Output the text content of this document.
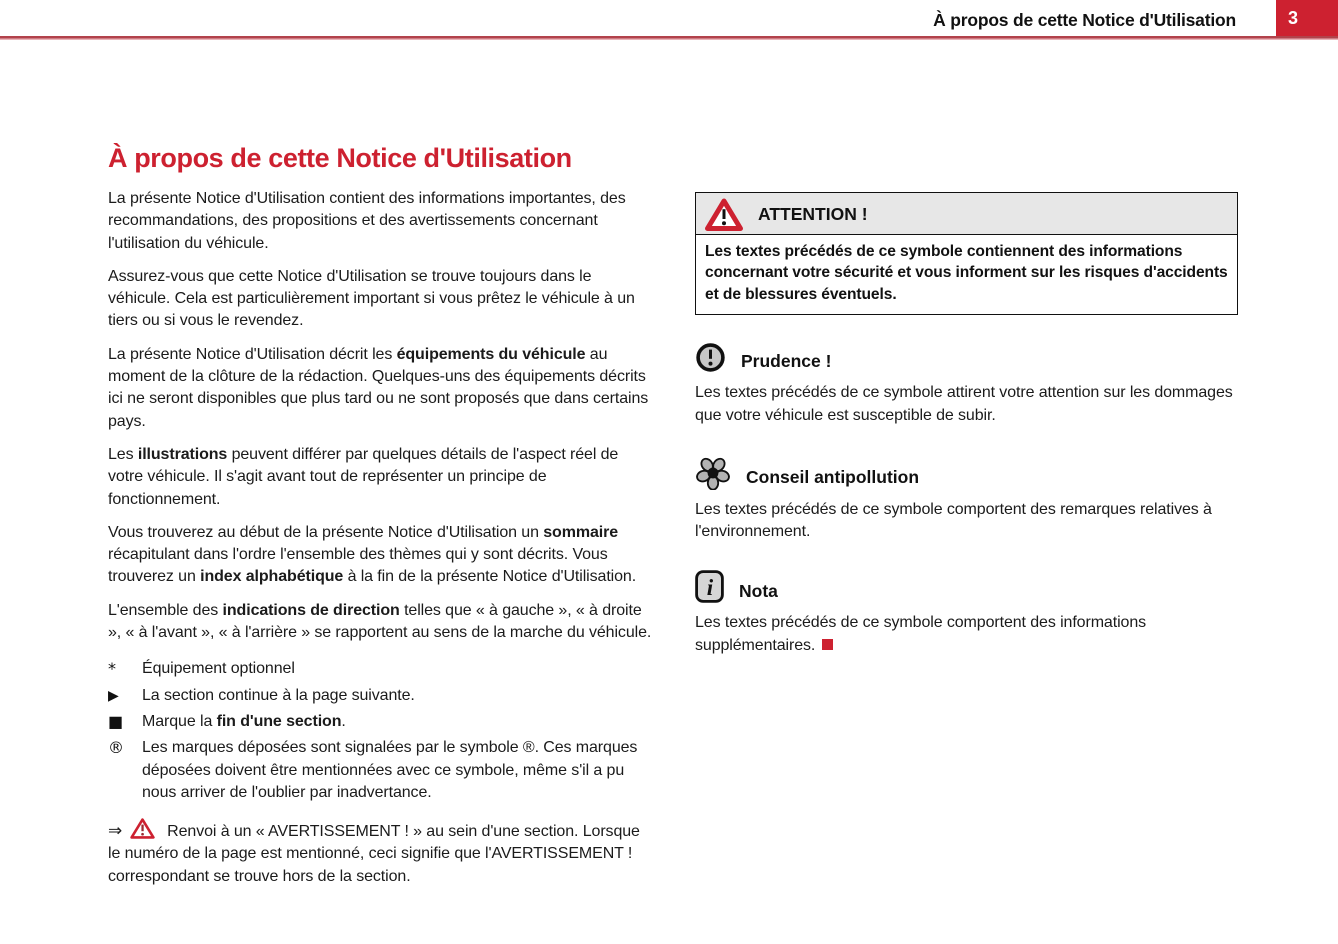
À propos de cette Notice d'Utilisation	3
À propos de cette Notice d'Utilisation

La présente Notice d'Utilisation contient des informations importantes, des recommandations, des propositions et des avertissements concernant l'utilisation du véhicule.

Assurez-vous que cette Notice d'Utilisation se trouve toujours dans le véhicule. Cela est particulièrement important si vous prêtez le véhicule à un tiers ou si vous le revendez.

La présente Notice d'Utilisation décrit les équipements du véhicule au moment de la clôture de la rédaction. Quelques-uns des équipements décrits ici ne seront disponibles que plus tard ou ne sont proposés que dans certains pays.

Les illustrations peuvent différer par quelques détails de l'aspect réel de votre véhicule. Il s'agit avant tout de représenter un principe de fonctionnement.

Vous trouverez au début de la présente Notice d'Utilisation un sommaire récapitulant dans l'ordre l'ensemble des thèmes qui y sont décrits. Vous trouverez un index alphabétique à la fin de la présente Notice d'Utilisation.

L'ensemble des indications de direction telles que « à gauche », « à droite », « à l'avant », « à l'arrière » se rapportent au sens de la marche du véhicule.

*	Équipement optionnel
▶	La section continue à la page suivante.
■	Marque la fin d'une section.
®	Les marques déposées sont signalées par le symbole ®. Ces marques déposées doivent être mentionnées avec ce symbole, même s'il a pu nous arriver de l'oublier par inadvertance.

⇒	Renvoi à un « AVERTISSEMENT ! » au sein d'une section. Lorsque le numéro de la page est mentionné, ceci signifie que l'AVERTISSEMENT ! correspondant se trouve hors de la section.

ATTENTION !
Les textes précédés de ce symbole contiennent des informations concernant votre sécurité et vous informent sur les risques d'accidents et de blessures éventuels.
Prudence !

Les textes précédés de ce symbole attirent votre attention sur les dommages que votre véhicule est susceptible de subir.

Conseil antipollution

Les textes précédés de ce symbole comportent des remarques relatives à l'environnement.

i Nota

Les textes précédés de ce symbole comportent des informations supplémentaires.
